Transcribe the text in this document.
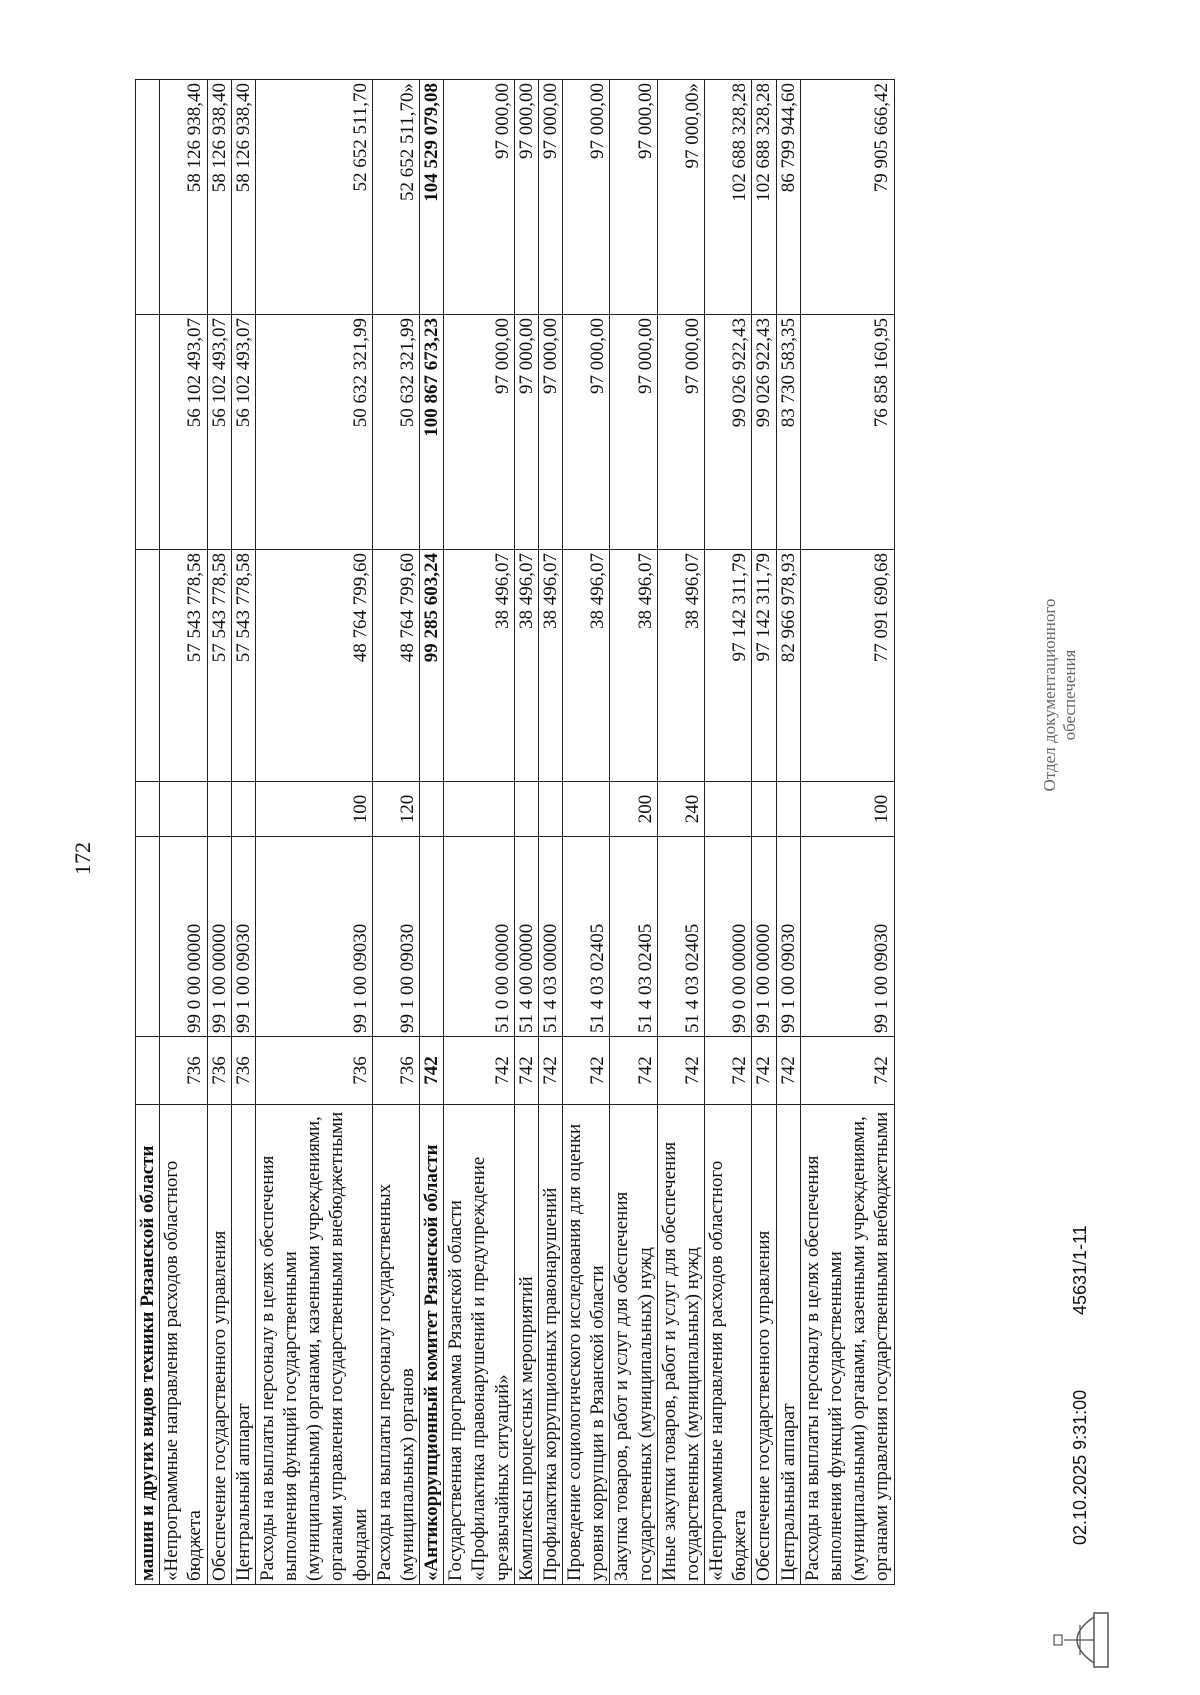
172
машин и других видов техники Рязанской области						
«Непрограммные направления расходов областного бюджета	736	99 0 00 00000		57 543 778,58	56 102 493,07	58 126 938,40
Обеспечение государственного управления	736	99 1 00 00000		57 543 778,58	56 102 493,07	58 126 938,40
Центральный аппарат	736	99 1 00 09030		57 543 778,58	56 102 493,07	58 126 938,40
Расходы на выплаты персоналу в целях обеспечения выполнения функций государственными (муниципальными) органами, казенными учреждениями, органами управления государственными внебюджетными фондами	736	99 1 00 09030	100	48 764 799,60	50 632 321,99	52 652 511,70
Расходы на выплаты персоналу государственных (муниципальных) органов	736	99 1 00 09030	120	48 764 799,60	50 632 321,99	52 652 511,70»
«Антикоррупционный комитет Рязанской области	742			99 285 603,24	100 867 673,23	104 529 079,08
Государственная программа Рязанской области «Профилактика правонарушений и предупреждение чрезвычайных ситуаций»	742	51 0 00 00000		38 496,07	97 000,00	97 000,00
Комплексы процессных мероприятий	742	51 4 00 00000		38 496,07	97 000,00	97 000,00
Профилактика коррупционных правонарушений	742	51 4 03 00000		38 496,07	97 000,00	97 000,00
Проведение социологического исследования для оценки уровня коррупции в Рязанской области	742	51 4 03 02405		38 496,07	97 000,00	97 000,00
Закупка товаров, работ и услуг для обеспечения государственных (муниципальных) нужд	742	51 4 03 02405	200	38 496,07	97 000,00	97 000,00
Иные закупки товаров, работ и услуг для обеспечения государственных (муниципальных) нужд	742	51 4 03 02405	240	38 496,07	97 000,00	97 000,00»
«Непрограммные направления расходов областного бюджета	742	99 0 00 00000		97 142 311,79	99 026 922,43	102 688 328,28
Обеспечение государственного управления	742	99 1 00 00000		97 142 311,79	99 026 922,43	102 688 328,28
Центральный аппарат	742	99 1 00 09030		82 966 978,93	83 730 583,35	86 799 944,60
Расходы на выплаты персоналу в целях обеспечения выполнения функций государственными (муниципальными) органами, казенными учреждениями, органами управления государственными внебюджетными	742	99 1 00 09030	100	77 091 690,68	76 858 160,95	79 905 666,42
02.10.2025 9:31:00
45631/1-11
Отдел документационного обеспечения
